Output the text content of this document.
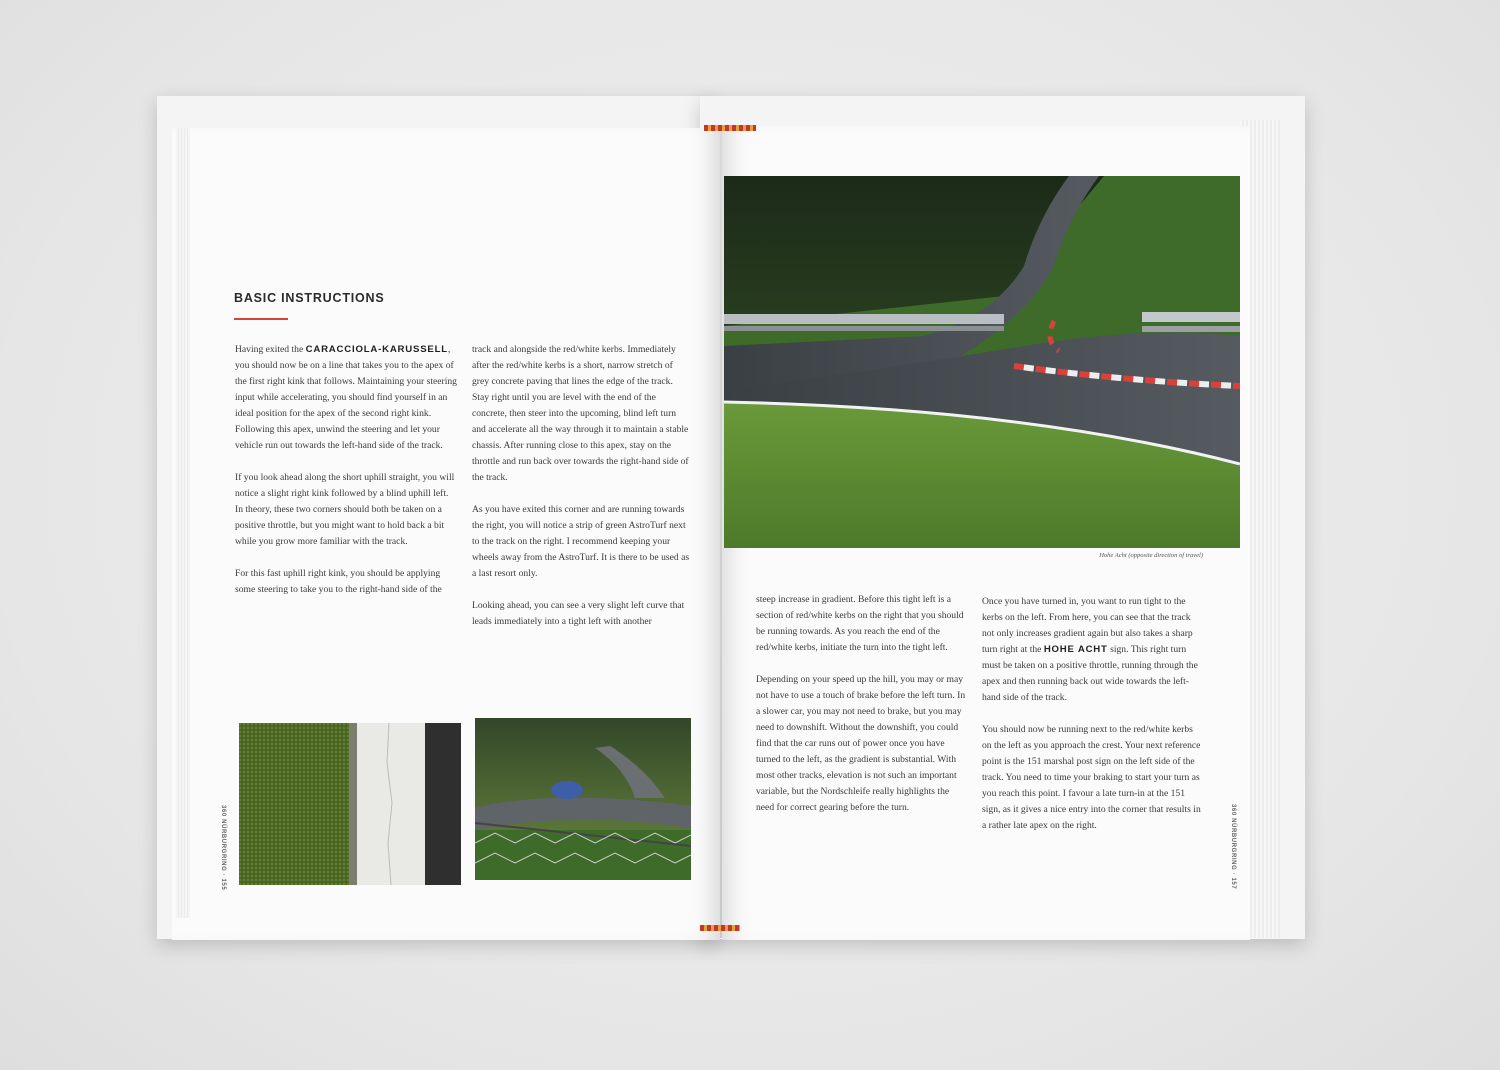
BASIC INSTRUCTIONS

Having exited the CARACCIOLA-KARUSSELL, you should now be on a line that takes you to the apex of the first right kink that follows. Maintaining your steering input while accelerating, you should find yourself in an ideal position for the apex of the second right kink. Following this apex, unwind the steering and let your vehicle run out towards the left-hand side of the track.

If you look ahead along the short uphill straight, you will notice a slight right kink followed by a blind uphill left. In theory, these two corners should both be taken on a positive throttle, but you might want to hold back a bit while you grow more familiar with the track.

For this fast uphill right kink, you should be applying some steering to take you to the right-hand side of the

track and alongside the red/white kerbs. Immediately after the red/white kerbs is a short, narrow stretch of grey concrete paving that lines the edge of the track. Stay right until you are level with the end of the concrete, then steer into the upcoming, blind left turn and accelerate all the way through it to maintain a stable chassis. After running close to this apex, stay on the throttle and run back over towards the right-hand side of the track.

As you have exited this corner and are running towards the right, you will notice a strip of green AstroTurf next to the track on the right. I recommend keeping your wheels away from the AstroTurf. It is there to be used as a last resort only.

Looking ahead, you can see a very slight left curve that leads immediately into a tight left with another

360 NÜRBURGRING · 155
Hohe Acht (opposite direction of travel)

steep increase in gradient. Before this tight left is a section of red/white kerbs on the right that you should be running towards. As you reach the end of the red/white kerbs, initiate the turn into the tight left.

Depending on your speed up the hill, you may or may not have to use a touch of brake before the left turn. In a slower car, you may not need to brake, but you may need to downshift. Without the downshift, you could find that the car runs out of power once you have turned to the left, as the gradient is substantial. With most other tracks, elevation is not such an important variable, but the Nordschleife really highlights the need for correct gearing before the turn.

Once you have turned in, you want to run tight to the kerbs on the left. From here, you can see that the track not only increases gradient again but also takes a sharp turn right at the HOHE ACHT sign. This right turn must be taken on a positive throttle, running through the apex and then running back out wide towards the left-hand side of the track.

You should now be running next to the red/white kerbs on the left as you approach the crest. Your next reference point is the 151 marshal post sign on the left side of the track. You need to time your braking to start your turn as you reach this point. I favour a late turn-in at the 151 sign, as it gives a nice entry into the corner that results in a rather late apex on the right.	360 NÜRBURGRING · 157
